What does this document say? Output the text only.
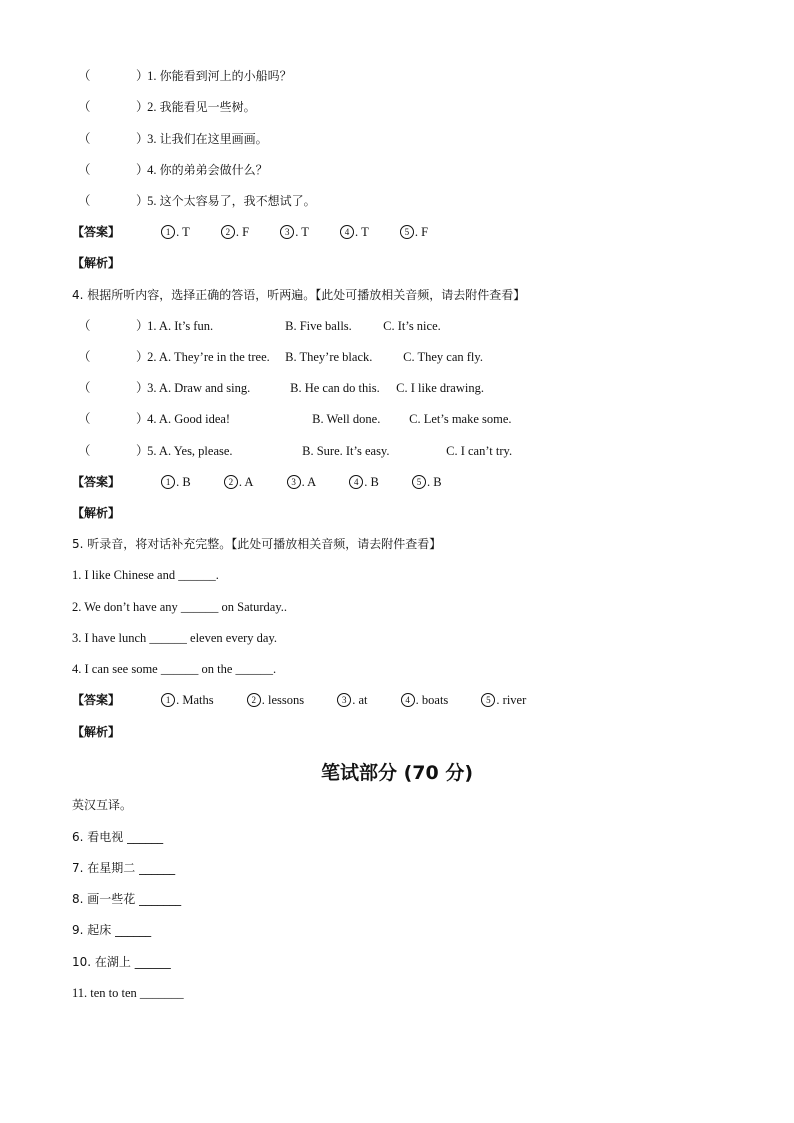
（	） 1. 你能看到河上的小船吗？
（	） 2. 我能看见一些树。
（	） 3. 让我们在这里画画。
（	） 4. 你的弟弟会做什么？
（	） 5. 这个太容易了，我不想试了。
【答案】	1 . T	2 . F	3 . T	4 . T	5 . F
【解析】
4. 根据所听内容，选择正确的答语，听两遍。【此处可播放相关音频，请去附件查看】
（	） 1. A. It’s fun.	B. Five balls.	C. It’s nice.
（	） 2. A. They’re in the tree. B. They’re black. C. They can fly.
（	） 3. A. Draw and sing.	B. He can do this. C. I like drawing.
（	） 4. A. Good idea!	B. Well done. C. Let’s make some.
（	） 5. A. Yes, please.	B. Sure. It’s easy.	C. I can’t try.
【答案】	1 . B	2 . A	3 . A	4 . B	5 . B
【解析】
5. 听录音，将对话补充完整。【此处可播放相关音频，请去附件查看】
1. I like Chinese and ______.
2. We don’t have any ______ on Saturday..
3. I have lunch ______ eleven every day.
4. I can see some ______ on the ______.
【答案】	1 . Maths	2 . lessons	3 . at	4 . boats	5 . river
【解析】
笔试部分 (70 分)
英汉互译。
6. 看电视 ______
7. 在星期二 ______
8. 画一些花 _______
9. 起床 ______
10. 在湖上 ______
11. ten to ten _______
